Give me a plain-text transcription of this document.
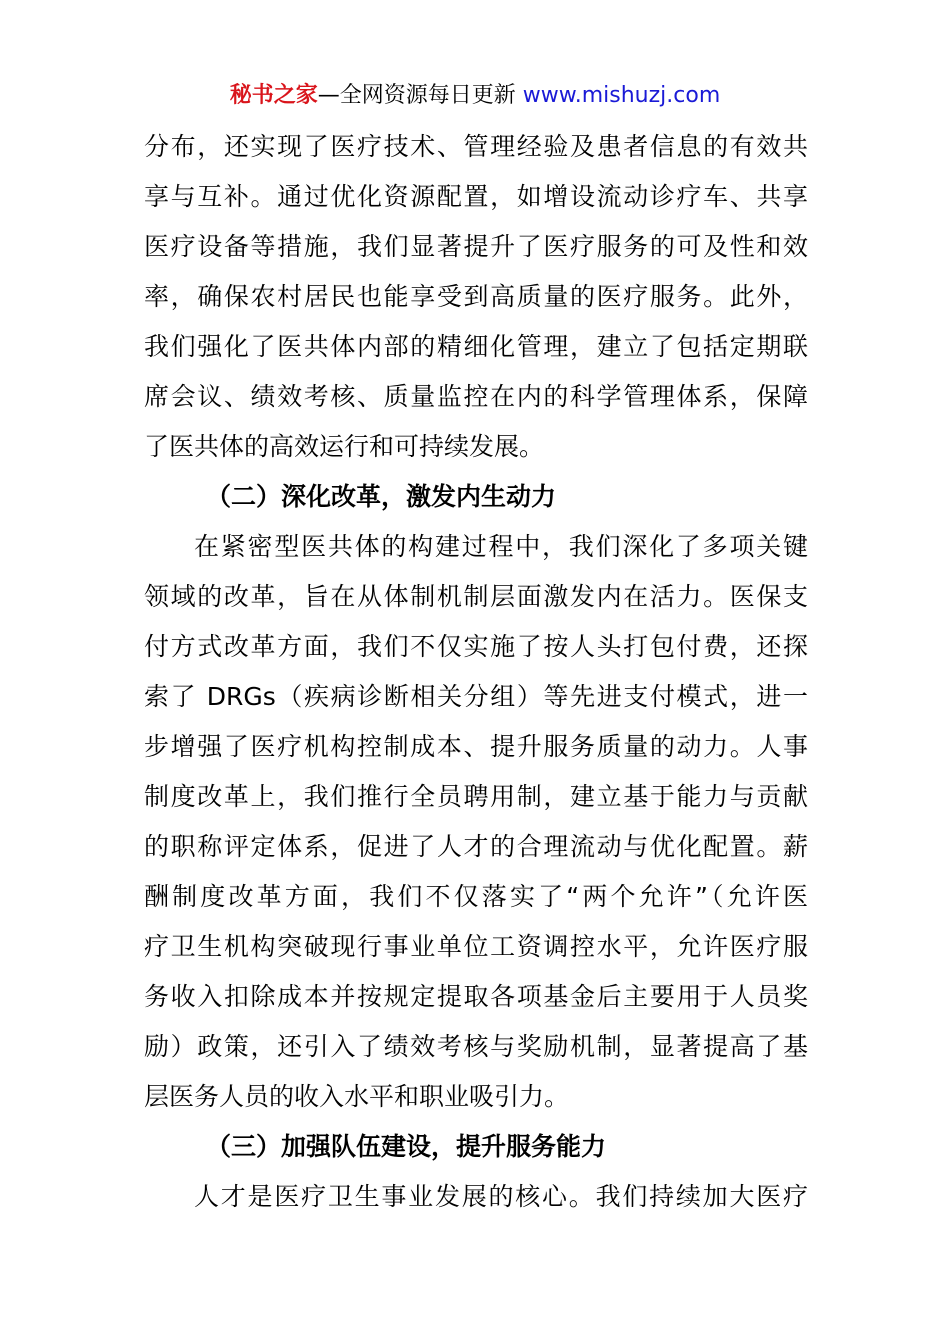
秘书之家—全网资源每日更新 www.mishuzj.com
分布，还实现了医疗技术、管理经验及患者信息的有效共
享与互补。通过优化资源配置，如增设流动诊疗车、共享
医疗设备等措施，我们显著提升了医疗服务的可及性和效
率，确保农村居民也能享受到高质量的医疗服务。此外，
我们强化了医共体内部的精细化管理，建立了包括定期联
席会议、绩效考核、质量监控在内的科学管理体系，保障
了医共体的高效运行和可持续发展。
（二）深化改革，激发内生动力
在紧密型医共体的构建过程中，我们深化了多项关键
领域的改革，旨在从体制机制层面激发内在活力。医保支
付方式改革方面，我们不仅实施了按人头打包付费，还探
索了 DRGs（疾病诊断相关分组）等先进支付模式，进一
步增强了医疗机构控制成本、提升服务质量的动力。人事
制度改革上，我们推行全员聘用制，建立基于能力与贡献
的职称评定体系，促进了人才的合理流动与优化配置。薪
酬制度改革方面，我们不仅落实了“两个允许”（允许医
疗卫生机构突破现行事业单位工资调控水平，允许医疗服
务收入扣除成本并按规定提取各项基金后主要用于人员奖
励）政策，还引入了绩效考核与奖励机制，显著提高了基
层医务人员的收入水平和职业吸引力。
（三）加强队伍建设，提升服务能力
人才是医疗卫生事业发展的核心。我们持续加大医疗
